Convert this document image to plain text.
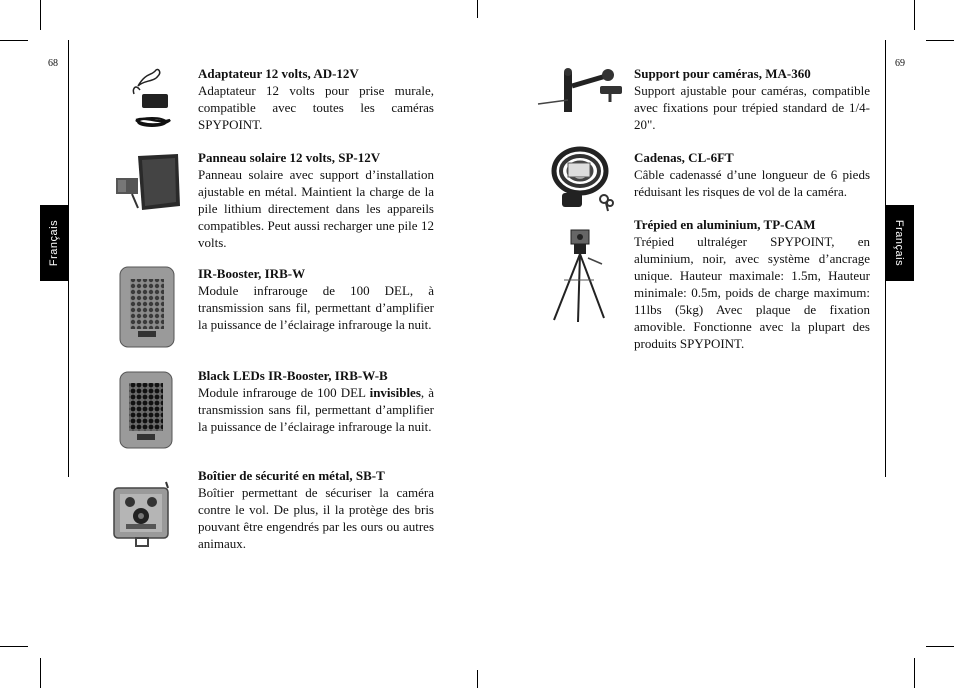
68	69
Français	Français
Adaptateur 12 volts, AD-12V
Adaptateur 12 volts pour prise murale, compatible avec toutes les caméras SPYPOINT.
Panneau solaire 12 volts, SP-12V
Panneau solaire avec support d’installation ajustable en métal. Maintient la charge de la pile lithium directement dans les appareils compatibles. Peut aussi recharger une pile 12 volts.
IR-Booster, IRB-W
Module infrarouge de 100 DEL, à transmission sans fil, permettant d’amplifier la puissance de l’éclairage infrarouge la nuit.
Black LEDs IR-Booster, IRB-W-B
Module infrarouge de 100 DEL invisibles, à transmission sans fil, permettant d’amplifier la puissance de l’éclairage infrarouge la nuit.
Boîtier de sécurité en métal, SB-T
Boîtier permettant de sécuriser la caméra contre le vol. De plus, il la protège des bris pouvant être engendrés par les ours ou autres animaux.
Support pour caméras, MA-360
Support ajustable pour caméras, compatible avec fixations pour trépied standard de 1/4-20".
Cadenas, CL-6FT
Câble cadenassé d’une longueur de 6 pieds réduisant les risques de vol de la caméra.
Trépied en aluminium, TP-CAM
Trépied ultraléger SPYPOINT, en aluminium, noir, avec système d’ancrage unique. Hauteur maximale: 1.5m, Hauteur minimale: 0.5m, poids de charge maximum: 11lbs (5kg) Avec plaque de fixation amovible. Fonctionne avec la plupart des produits SPYPOINT.
